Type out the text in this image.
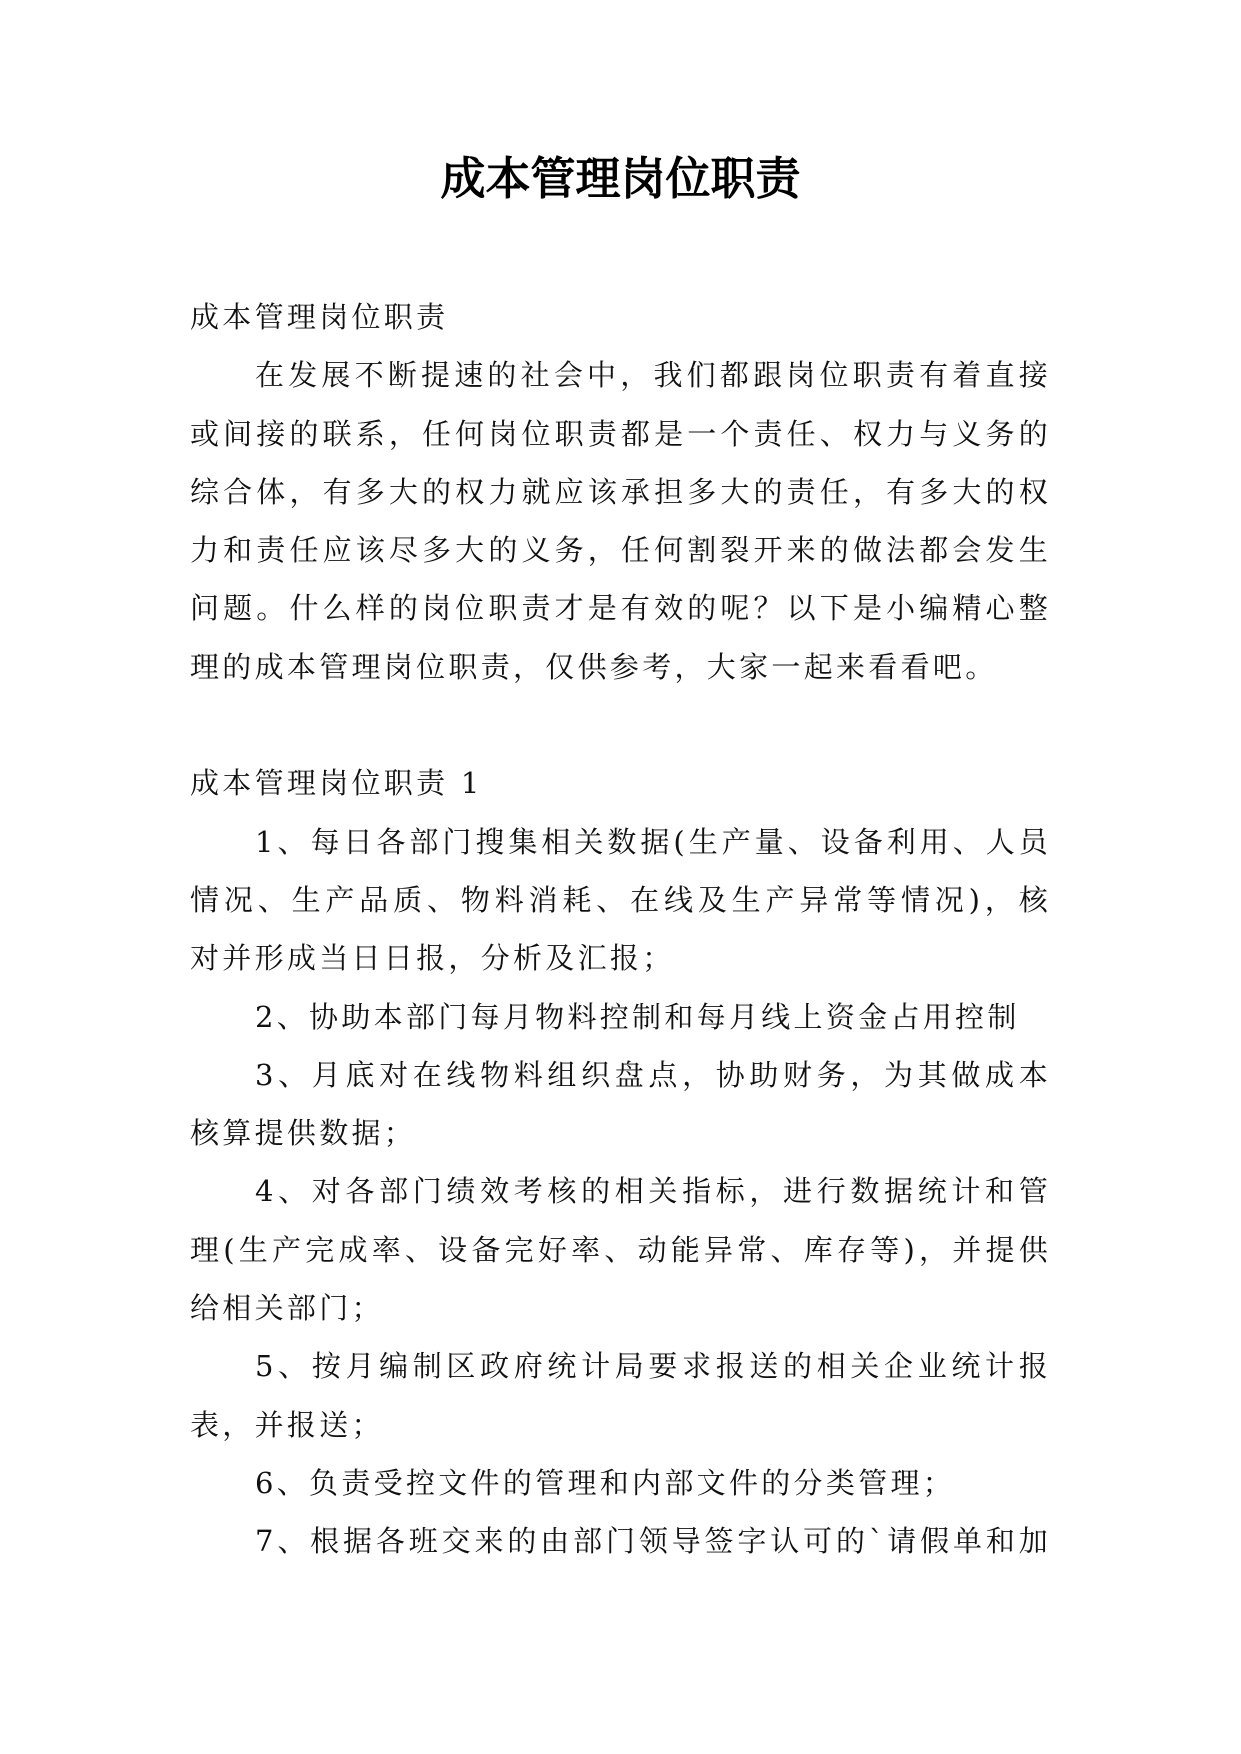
成本管理岗位职责
成本管理岗位职责
在发展不断提速的社会中，我们都跟岗位职责有着直接
或间接的联系，任何岗位职责都是一个责任、权力与义务的
综合体，有多大的权力就应该承担多大的责任，有多大的权
力和责任应该尽多大的义务，任何割裂开来的做法都会发生
问题。什么样的岗位职责才是有效的呢？以下是小编精心整
理的成本管理岗位职责，仅供参考，大家一起来看看吧。
成本管理岗位职责 1
1、每日各部门搜集相关数据(生产量、设备利用、人员
情况、生产品质、物料消耗、在线及生产异常等情况)，核
对并形成当日日报，分析及汇报；
2、协助本部门每月物料控制和每月线上资金占用控制
3、月底对在线物料组织盘点，协助财务，为其做成本
核算提供数据；
4、对各部门绩效考核的相关指标，进行数据统计和管
理(生产完成率、设备完好率、动能异常、库存等)，并提供
给相关部门；
5、按月编制区政府统计局要求报送的相关企业统计报
表，并报送；
6、负责受控文件的管理和内部文件的分类管理；
7、根据各班交来的由部门领导签字认可的`请假单和加
